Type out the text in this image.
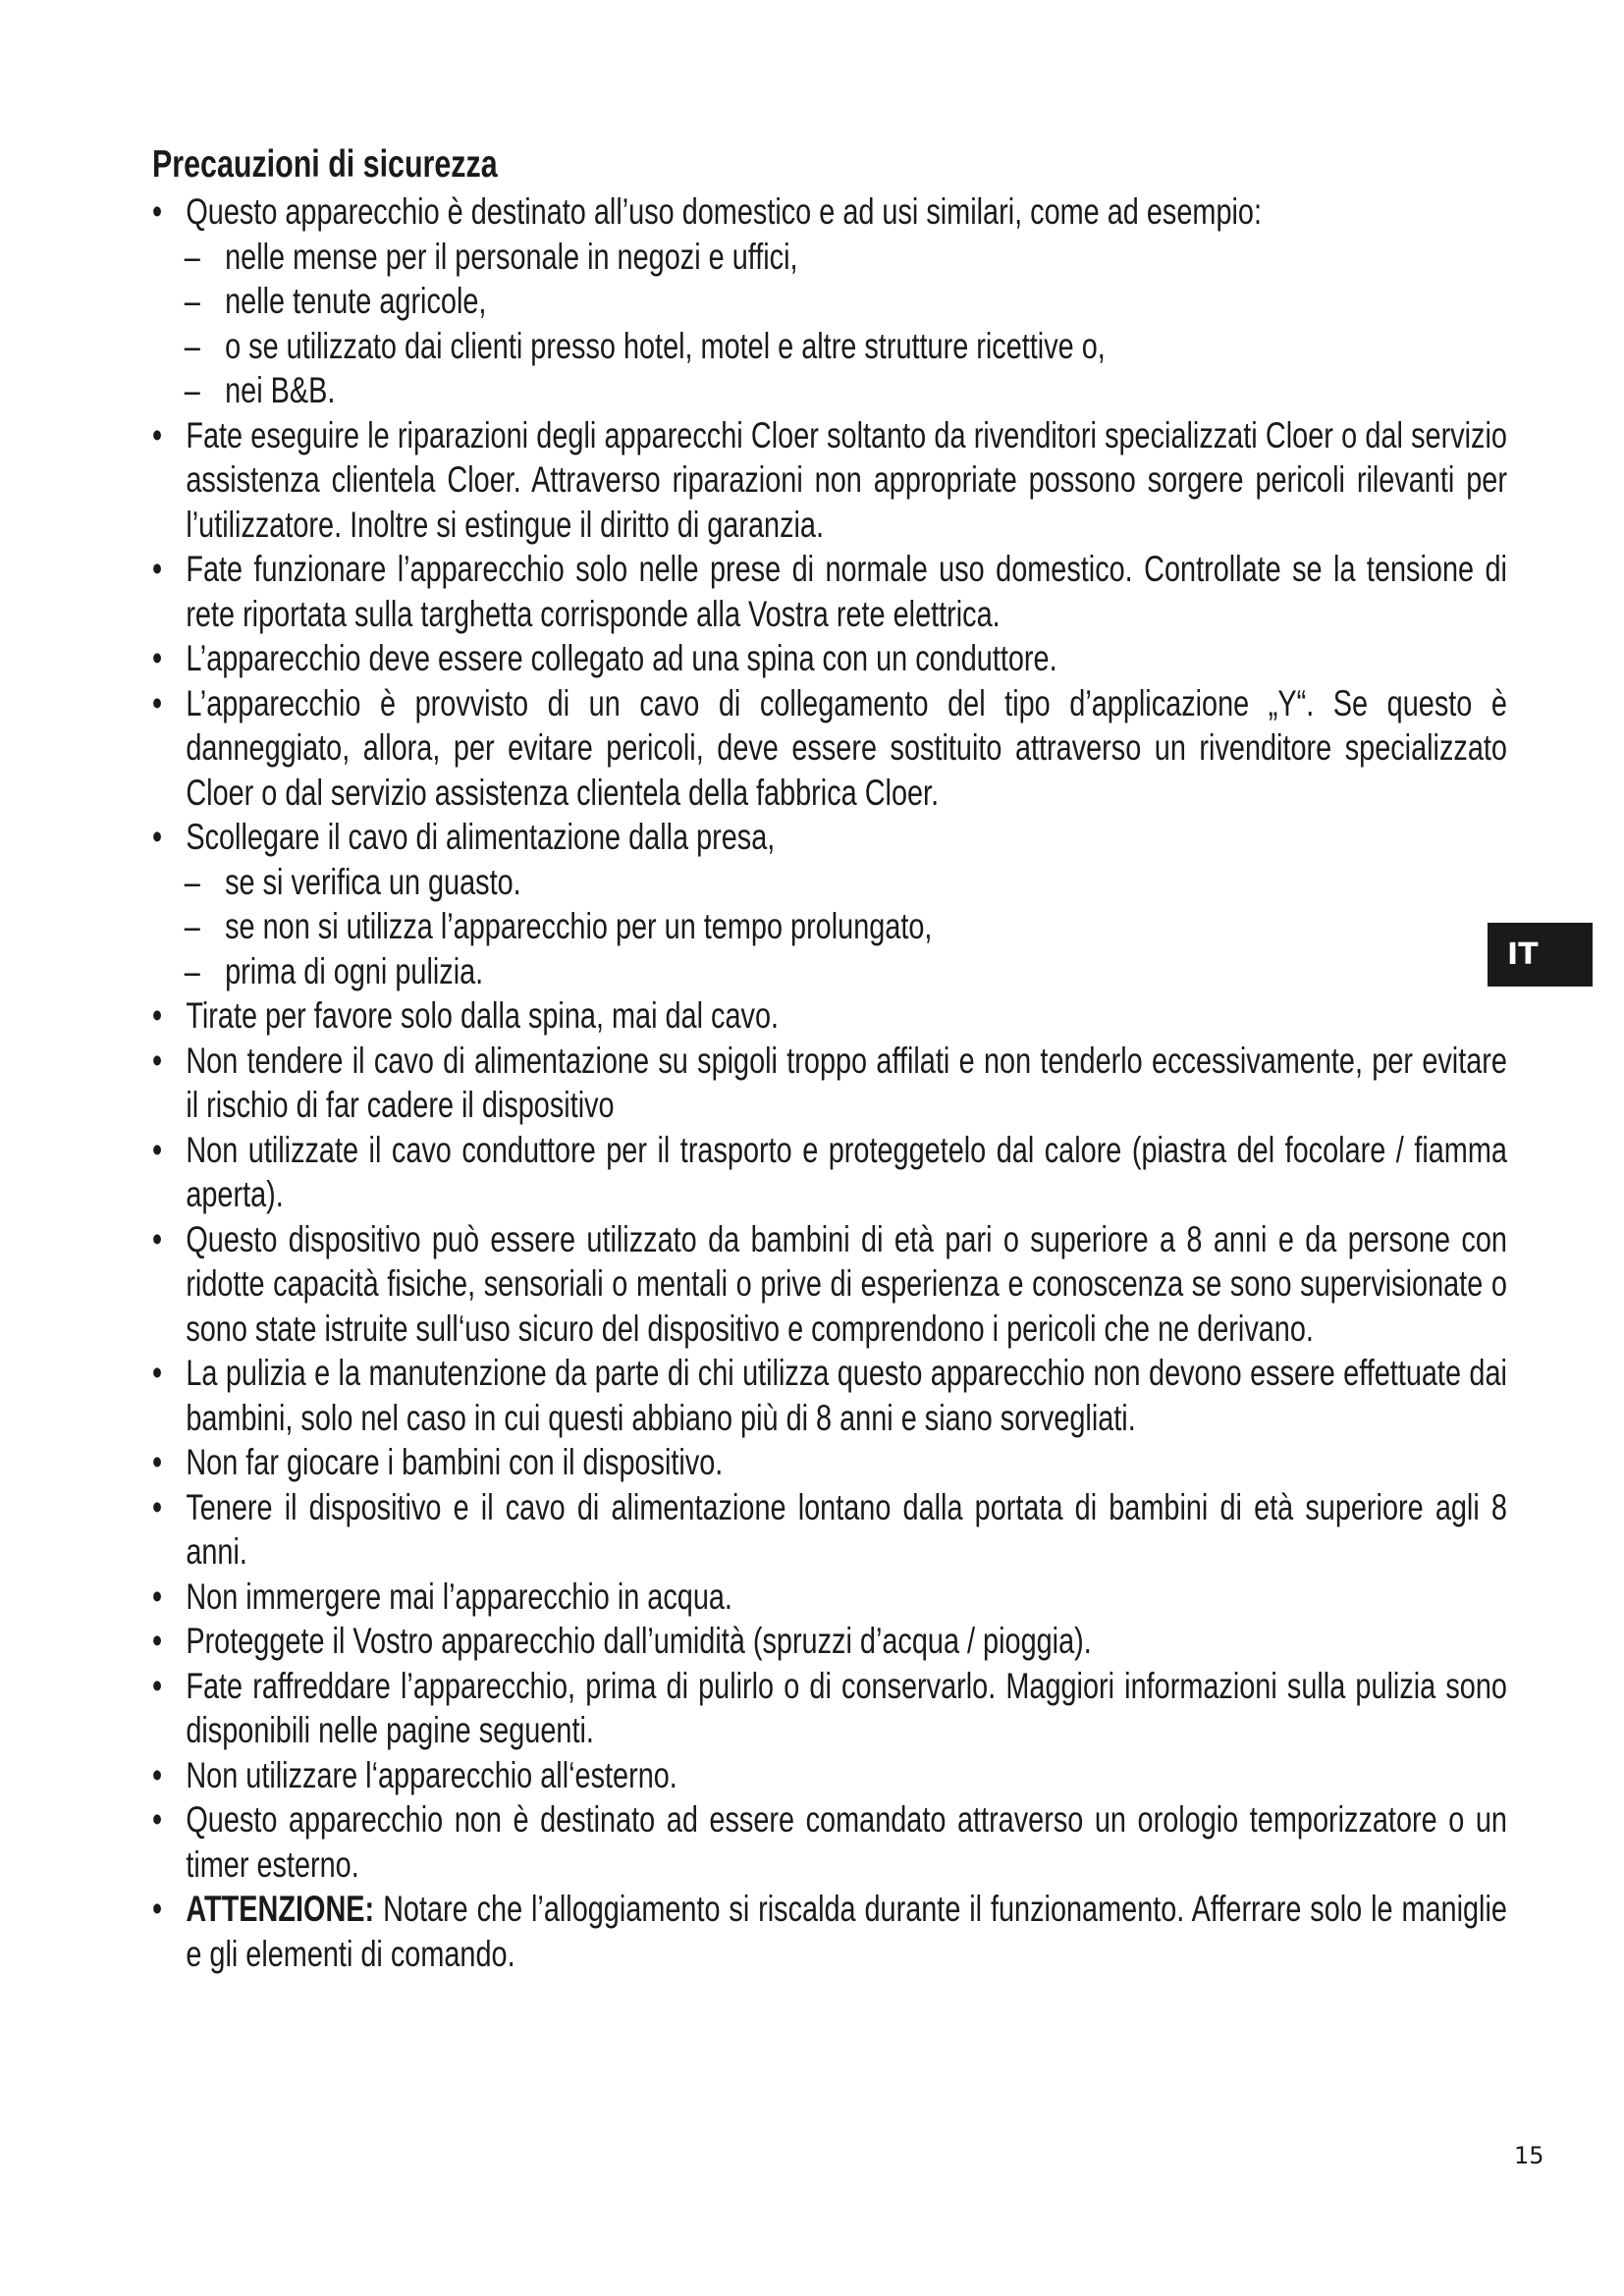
Precauzioni di sicurezza
• Questo apparecchio è destinato all’uso domestico e ad usi similari, come ad esempio:
– nelle mense per il personale in negozi e uffici,
– nelle tenute agricole,
– o se utilizzato dai clienti presso hotel, motel e altre strutture ricettive o,
– nei B&B.
• Fate eseguire le riparazioni degli apparecchi Cloer soltanto da rivenditori specializzati Cloer o dal servizio assistenza clientela Cloer. Attraverso riparazioni non appropriate possono sorgere pericoli rilevanti per l’utilizzatore. Inoltre si estingue il diritto di garanzia.
• Fate funzionare l’apparecchio solo nelle prese di normale uso domestico. Controllate se la tensione di rete riportata sulla targhetta corrisponde alla Vostra rete elettrica.
• L’apparecchio deve essere collegato ad una spina con un conduttore.
• L’apparecchio è provvisto di un cavo di collegamento del tipo d’applicazione „Y“. Se questo è danneggiato, allora, per evitare pericoli, deve essere sostituito attraverso un rivenditore specializzato Cloer o dal servizio assistenza clientela della fabbrica Cloer.
• Scollegare il cavo di alimentazione dalla presa,
– se si verifica un guasto.
– se non si utilizza l’apparecchio per un tempo prolungato,
– prima di ogni pulizia.
• Tirate per favore solo dalla spina, mai dal cavo.
• Non tendere il cavo di alimentazione su spigoli troppo affilati e non tenderlo eccessivamente, per evitare il rischio di far cadere il dispositivo
• Non utilizzate il cavo conduttore per il trasporto e proteggetelo dal calore (piastra del focolare / fiamma aperta).
• Questo dispositivo può essere utilizzato da bambini di età pari o superiore a 8 anni e da persone con ridotte capacità fisiche, sensoriali o mentali o prive di esperienza e conoscenza se sono supervisionate o sono state istruite sull‘uso sicuro del dispositivo e comprendono i pericoli che ne derivano.
• La pulizia e la manutenzione da parte di chi utilizza questo apparecchio non devono essere effettuate dai bambini, solo nel caso in cui questi abbiano più di 8 anni e siano sorvegliati.
• Non far giocare i bambini con il dispositivo.
• Tenere il dispositivo e il cavo di alimentazione lontano dalla portata di bambini di età superiore agli 8 anni.
• Non immergere mai l’apparecchio in acqua.
• Proteggete il Vostro apparecchio dall’umidità (spruzzi d’acqua / pioggia).
• Fate raffreddare l’apparecchio, prima di pulirlo o di conservarlo. Maggiori informazioni sulla pulizia sono disponibili nelle pagine seguenti.
• Non utilizzare l‘apparecchio all‘esterno.
• Questo apparecchio non è destinato ad essere comandato attraverso un orologio temporizzatore o un timer esterno.
• ATTENZIONE: Notare che l’alloggiamento si riscalda durante il funzionamento. Afferrare solo le maniglie e gli elementi di comando.
IT
15
